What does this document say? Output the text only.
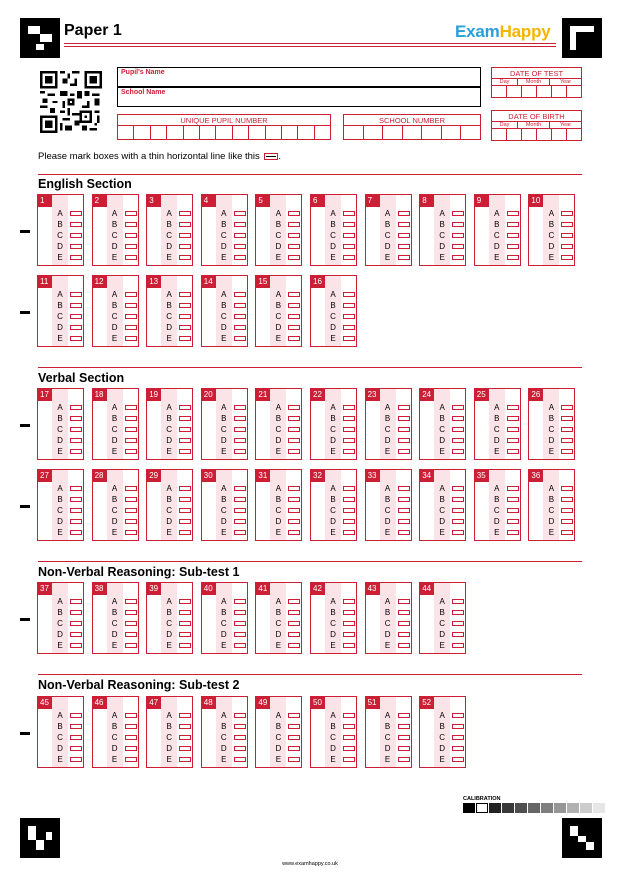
Paper 1	ExamHappy
Pupil's Name
School Name
UNIQUE PUPIL NUMBER	SCHOOL NUMBER
DATE OF TEST
Day	Month	Year
DATE OF BIRTH
Day	Month	Year
Please mark boxes with a thin horizontal line like this .
CALIBRATION
www.examhappy.co.uk
English Section
1
A
B
C
D
E
2
A
B
C
D
E
3
A
B
C
D
E
4
A
B
C
D
E
5
A
B
C
D
E
6
A
B
C
D
E
7
A
B
C
D
E
8
A
B
C
D
E
9
A
B
C
D
E
10
A
B
C
D
E
11
A
B
C
D
E
12
A
B
C
D
E
13
A
B
C
D
E
14
A
B
C
D
E
15
A
B
C
D
E
16
A
B
C
D
E
Verbal Section
17
A
B
C
D
E
18
A
B
C
D
E
19
A
B
C
D
E
20
A
B
C
D
E
21
A
B
C
D
E
22
A
B
C
D
E
23
A
B
C
D
E
24
A
B
C
D
E
25
A
B
C
D
E
26
A
B
C
D
E
27
A
B
C
D
E
28
A
B
C
D
E
29
A
B
C
D
E
30
A
B
C
D
E
31
A
B
C
D
E
32
A
B
C
D
E
33
A
B
C
D
E
34
A
B
C
D
E
35
A
B
C
D
E
36
A
B
C
D
E
Non-Verbal Reasoning: Sub-test 1
37
A
B
C
D
E
38
A
B
C
D
E
39
A
B
C
D
E
40
A
B
C
D
E
41
A
B
C
D
E
42
A
B
C
D
E
43
A
B
C
D
E
44
A
B
C
D
E
Non-Verbal Reasoning: Sub-test 2
45
A
B
C
D
E
46
A
B
C
D
E
47
A
B
C
D
E
48
A
B
C
D
E
49
A
B
C
D
E
50
A
B
C
D
E
51
A
B
C
D
E
52
A
B
C
D
E
